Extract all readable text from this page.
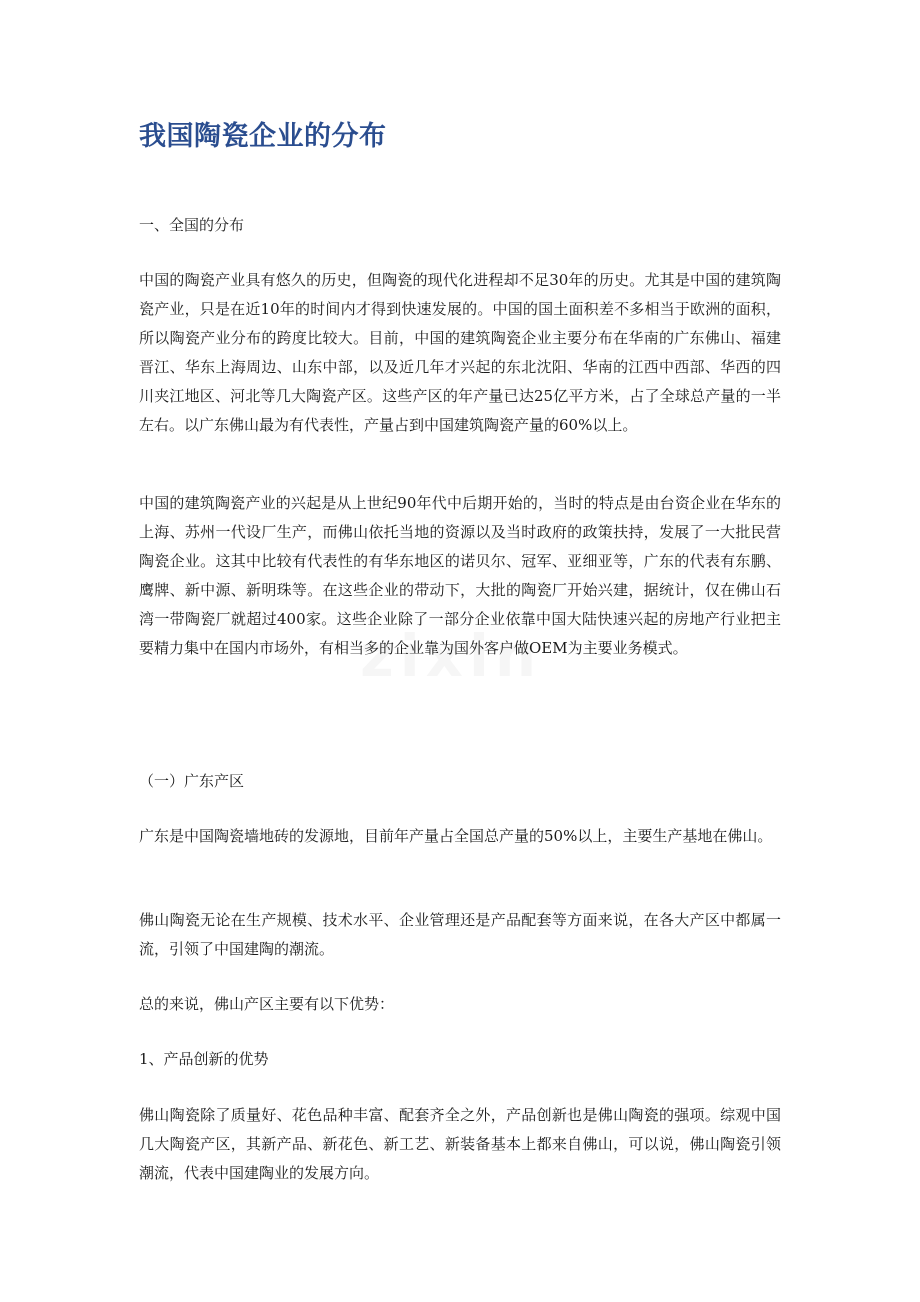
我国陶瓷企业的分布

一、全国的分布

中国的陶瓷产业具有悠久的历史，但陶瓷的现代化进程却不足30年的历史。尤其是中国的建筑陶瓷产业，只是在近10年的时间内才得到快速发展的。中国的国土面积差不多相当于欧洲的面积，所以陶瓷产业分布的跨度比较大。目前，中国的建筑陶瓷企业主要分布在华南的广东佛山、福建晋江、华东上海周边、山东中部，以及近几年才兴起的东北沈阳、华南的江西中西部、华西的四川夹江地区、河北等几大陶瓷产区。这些产区的年产量已达25亿平方米，占了全球总产量的一半左右。以广东佛山最为有代表性，产量占到中国建筑陶瓷产量的60%以上。

中国的建筑陶瓷产业的兴起是从上世纪90年代中后期开始的，当时的特点是由台资企业在华东的上海、苏州一代设厂生产，而佛山依托当地的资源以及当时政府的政策扶持，发展了一大批民营陶瓷企业。这其中比较有代表性的有华东地区的诺贝尔、冠军、亚细亚等，广东的代表有东鹏、鹰牌、新中源、新明珠等。在这些企业的带动下，大批的陶瓷厂开始兴建，据统计，仅在佛山石湾一带陶瓷厂就超过400家。这些企业除了一部分企业依靠中国大陆快速兴起的房地产行业把主要精力集中在国内市场外，有相当多的企业靠为国外客户做OEM为主要业务模式。

（一）广东产区

广东是中国陶瓷墙地砖的发源地，目前年产量占全国总产量的50%以上，主要生产基地在佛山。

佛山陶瓷无论在生产规模、技术水平、企业管理还是产品配套等方面来说，在各大产区中都属一流，引领了中国建陶的潮流。

总的来说，佛山产区主要有以下优势：

1、产品创新的优势

佛山陶瓷除了质量好、花色品种丰富、配套齐全之外，产品创新也是佛山陶瓷的强项。综观中国几大陶瓷产区，其新产品、新花色、新工艺、新装备基本上都来自佛山，可以说，佛山陶瓷引领潮流，代表中国建陶业的发展方向。
